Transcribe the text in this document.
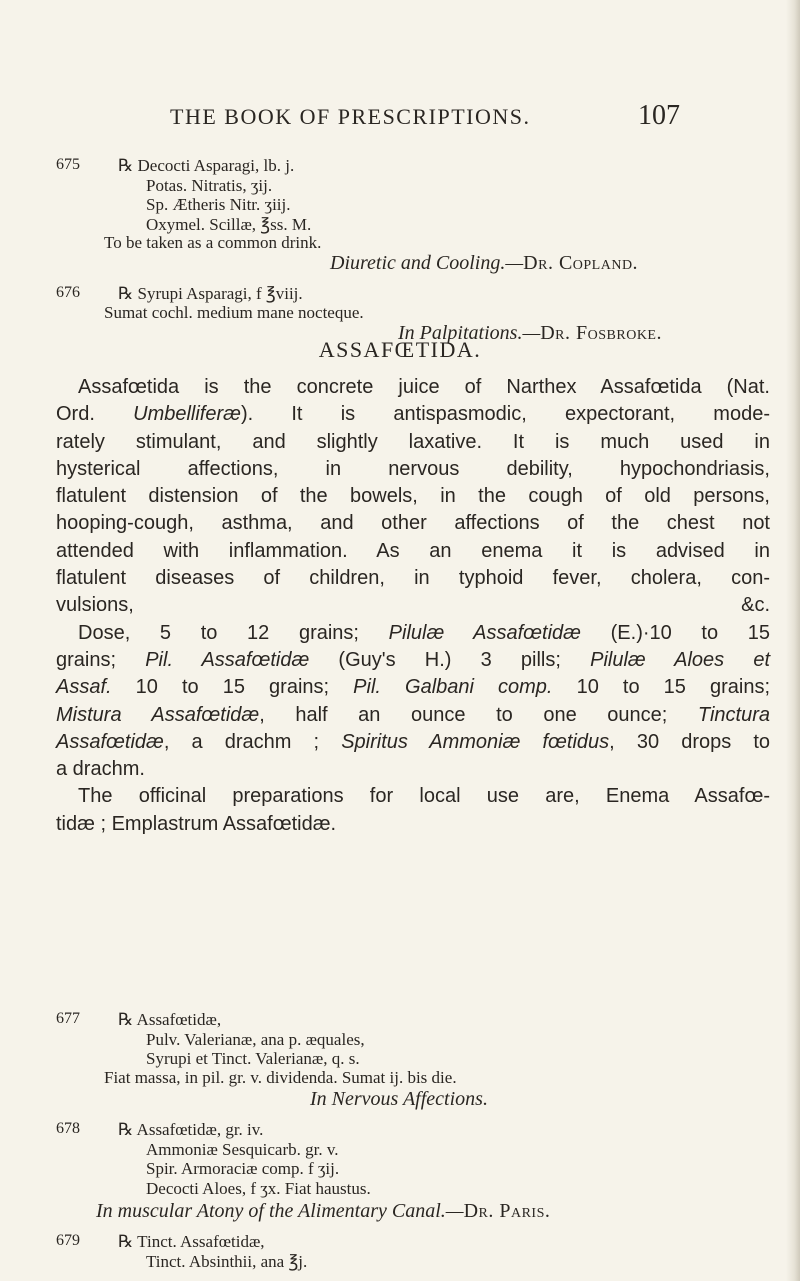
THE BOOK OF PRESCRIPTIONS.	107
675 ℞ Decocti Asparagi, lb. j.
Potas. Nitratis, ʒij.
Sp. Ætheris Nitr. ʒiij.
Oxymel. Scillæ, ℥ss. M.
To be taken as a common drink.
Diuretic and Cooling.—Dr. Copland.
676 ℞ Syrupi Asparagi, f ℥viij.
Sumat cochl. medium mane nocteque.
In Palpitations.—Dr. Fosbroke.
ASSAFŒTIDA.
Assafœtida is the concrete juice of Narthex Assafœtida (Nat.
Ord. Umbelliferæ). It is antispasmodic, expectorant, mode-
rately stimulant, and slightly laxative. It is much used in
hysterical affections, in nervous debility, hypochondriasis,
flatulent distension of the bowels, in the cough of old persons,
hooping-cough, asthma, and other affections of the chest not
attended with inflammation. As an enema it is advised in
flatulent diseases of children, in typhoid fever, cholera, con-
vulsions, &c.
Dose, 5 to 12 grains; Pilulæ Assafœtidæ (E.)·10 to 15
grains; Pil. Assafœtidæ (Guy's H.) 3 pills; Pilulæ Aloes et
Assaf. 10 to 15 grains; Pil. Galbani comp. 10 to 15 grains;
Mistura Assafœtidæ, half an ounce to one ounce; Tinctura
Assafœtidæ, a drachm ; Spiritus Ammoniæ fœtidus, 30 drops to
a drachm.
The officinal preparations for local use are, Enema Assafœ-
tidæ ; Emplastrum Assafœtidæ.
677 ℞ Assafœtidæ,
Pulv. Valerianæ, ana p. æquales,
Syrupi et Tinct. Valerianæ, q. s.
Fiat massa, in pil. gr. v. dividenda. Sumat ij. bis die.
In Nervous Affections.
678 ℞ Assafœtidæ, gr. iv.
Ammoniæ Sesquicarb. gr. v.
Spir. Armoraciæ comp. f ʒij.
Decocti Aloes, f ʒx. Fiat haustus.
In muscular Atony of the Alimentary Canal.—Dr. Paris.
679 ℞ Tinct. Assafœtidæ,
Tinct. Absinthii, ana ℥j.
